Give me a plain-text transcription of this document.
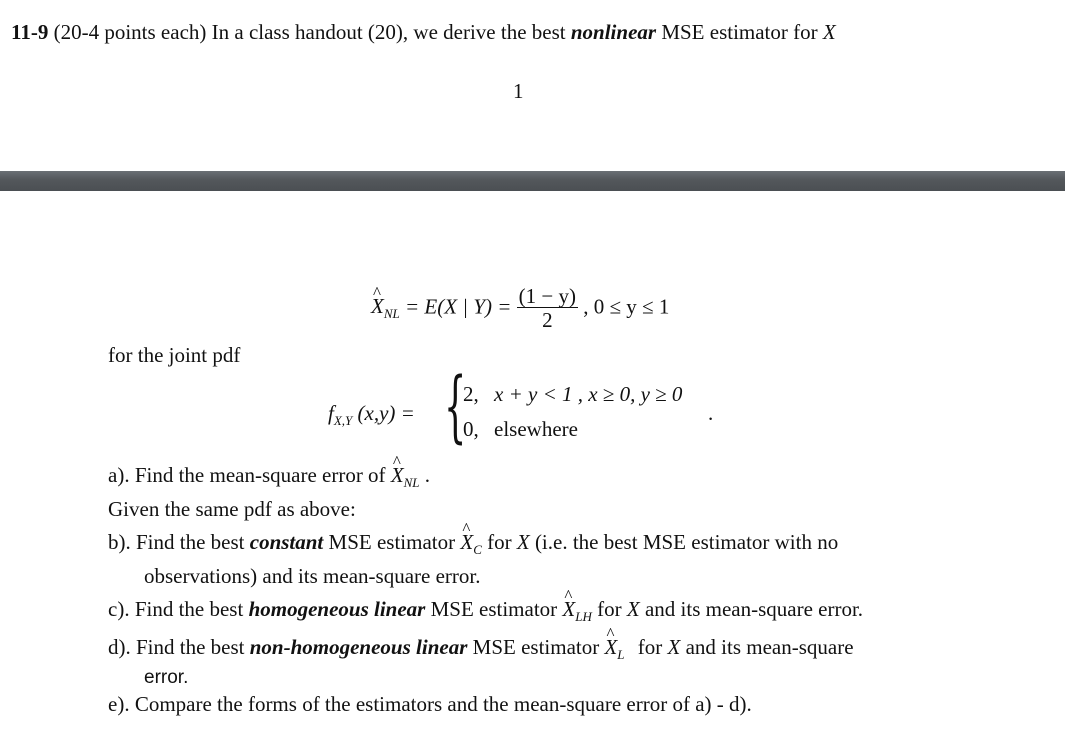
11-9 (20-4 points each) In a class handout (20), we derive the best nonlinear MSE estimator for X
1
^ $X_{NL} = E(X$ | $Y) = \frac{(1 - y)}{2}$ , 0 ≤ y ≤ 1
for the joint pdf
$f_{X,Y}$ (x,y) = {
2, x + y < 1 , x ≥ 0, y ≥ 0
0, elsewhere
.
a). Find the mean-square error of ^ $X_{NL}$ .
Given the same pdf as above:
b). Find the best constant MSE estimator ^ $X_C$ for X (i.e. the best MSE estimator with no
observations) and its mean-square error.
c). Find the best homogeneous linear MSE estimator ^ $X_{LH}$ for X and its mean-square error.
d). Find the best non-homogeneous linear MSE estimator ^ $X_L$ for X and its mean-square
error.
e). Compare the forms of the estimators and the mean-square error of a) - d).
